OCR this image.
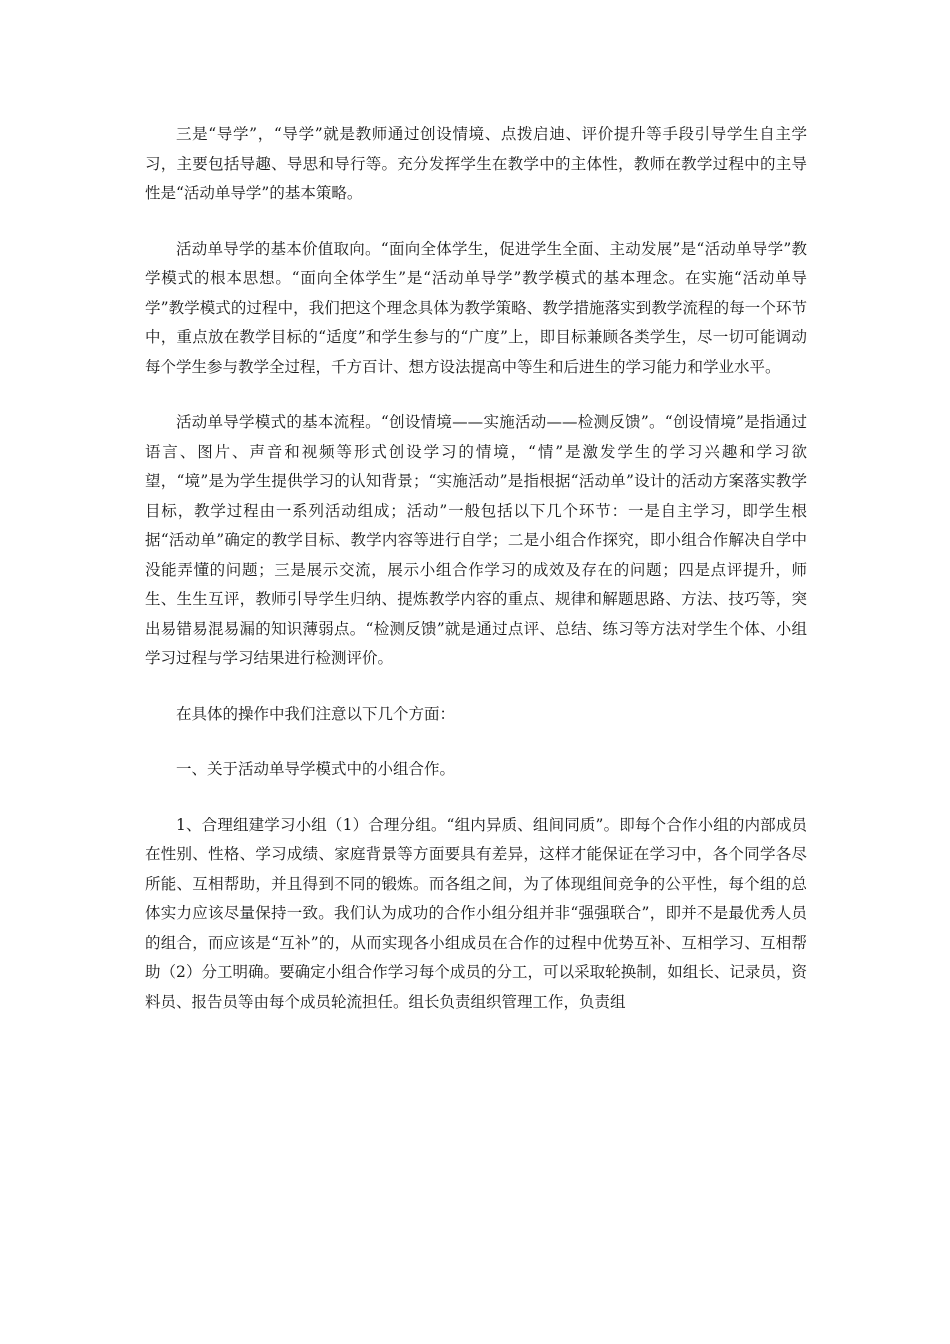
三是“导学”，“导学”就是教师通过创设情境、点拨启迪、评价提升等手段引导学生自主学习，主要包括导趣、导思和导行等。充分发挥学生在教学中的主体性，教师在教学过程中的主导性是“活动单导学”的基本策略。

活动单导学的基本价值取向。“面向全体学生，促进学生全面、主动发展”是“活动单导学”教学模式的根本思想。“面向全体学生”是“活动单导学”教学模式的基本理念。在实施“活动单导学”教学模式的过程中，我们把这个理念具体为教学策略、教学措施落实到教学流程的每一个环节中，重点放在教学目标的“适度”和学生参与的“广度”上，即目标兼顾各类学生，尽一切可能调动每个学生参与教学全过程，千方百计、想方设法提高中等生和后进生的学习能力和学业水平。

活动单导学模式的基本流程。“创设情境——实施活动——检测反馈”。“创设情境”是指通过语言、图片、声音和视频等形式创设学习的情境，“情”是激发学生的学习兴趣和学习欲望，“境”是为学生提供学习的认知背景；“实施活动”是指根据“活动单”设计的活动方案落实教学目标，教学过程由一系列活动组成；活动”一般包括以下几个环节：一是自主学习，即学生根据“活动单”确定的教学目标、教学内容等进行自学；二是小组合作探究，即小组合作解决自学中没能弄懂的问题；三是展示交流，展示小组合作学习的成效及存在的问题；四是点评提升，师生、生生互评，教师引导学生归纳、提炼教学内容的重点、规律和解题思路、方法、技巧等，突出易错易混易漏的知识薄弱点。“检测反馈”就是通过点评、总结、练习等方法对学生个体、小组学习过程与学习结果进行检测评价。

在具体的操作中我们注意以下几个方面：

一、关于活动单导学模式中的小组合作。

1、合理组建学习小组（1）合理分组。“组内异质、组间同质”。即每个合作小组的内部成员在性别、性格、学习成绩、家庭背景等方面要具有差异，这样才能保证在学习中，各个同学各尽所能、互相帮助，并且得到不同的锻炼。而各组之间，为了体现组间竞争的公平性，每个组的总体实力应该尽量保持一致。我们认为成功的合作小组分组并非“强强联合”，即并不是最优秀人员的组合，而应该是“互补”的，从而实现各小组成员在合作的过程中优势互补、互相学习、互相帮助（2）分工明确。要确定小组合作学习每个成员的分工，可以采取轮换制，如组长、记录员，资料员、报告员等由每个成员轮流担任。组长负责组织管理工作，负责组
